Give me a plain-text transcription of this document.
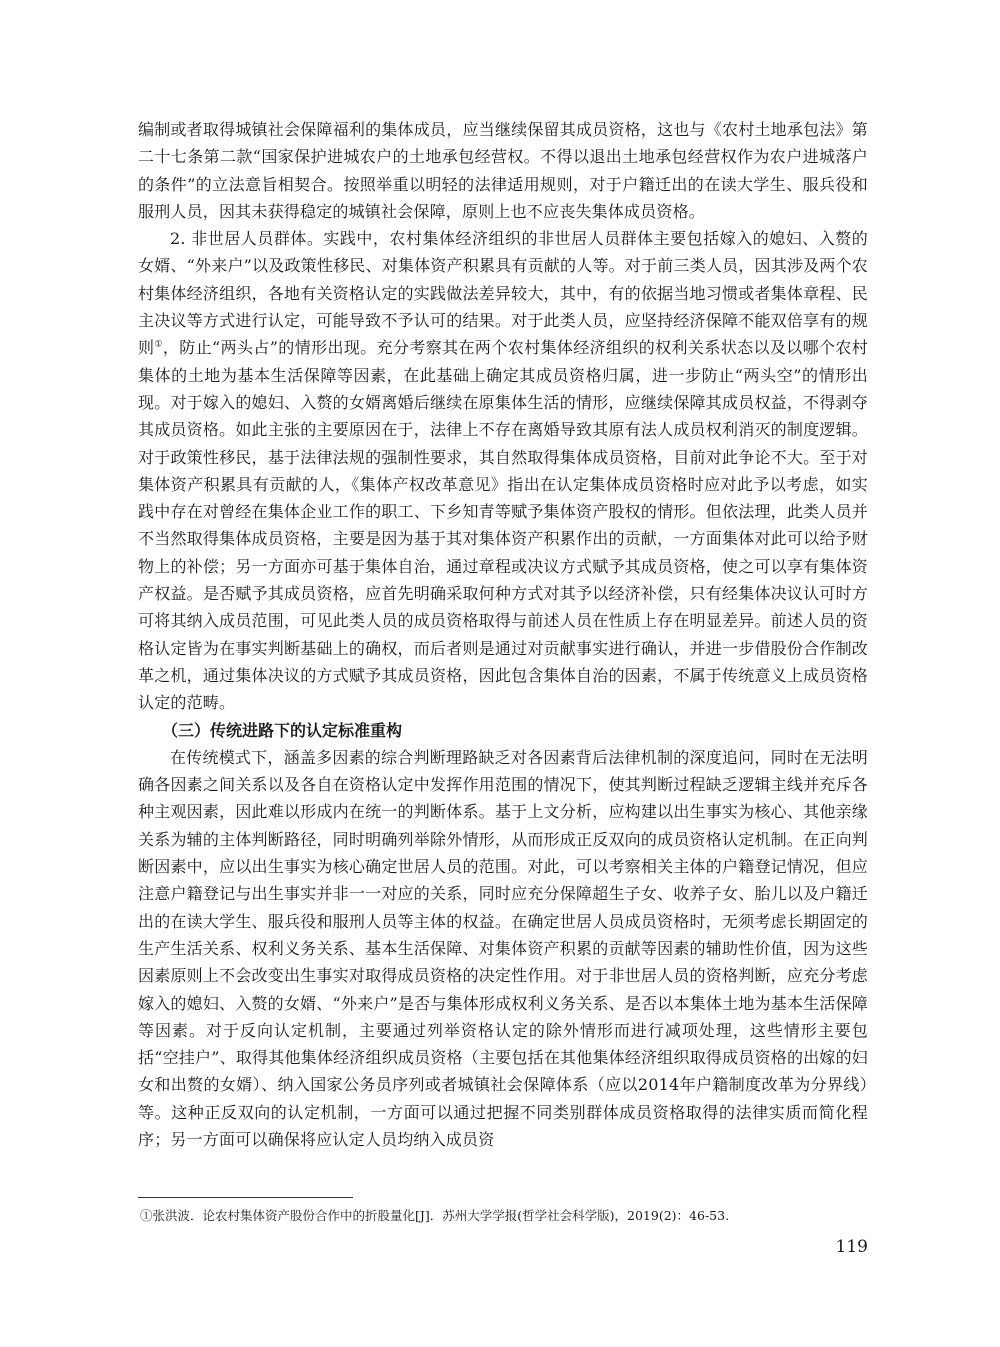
编制或者取得城镇社会保障福利的集体成员，应当继续保留其成员资格，这也与《农村土地承包法》第二十七条第二款“国家保护进城农户的土地承包经营权。不得以退出土地承包经营权作为农户进城落户的条件”的立法意旨相契合。按照举重以明轻的法律适用规则，对于户籍迁出的在读大学生、服兵役和服刑人员，因其未获得稳定的城镇社会保障，原则上也不应丧失集体成员资格。

2. 非世居人员群体。实践中，农村集体经济组织的非世居人员群体主要包括嫁入的媳妇、入赘的女婿、“外来户”以及政策性移民、对集体资产积累具有贡献的人等。对于前三类人员，因其涉及两个农村集体经济组织，各地有关资格认定的实践做法差异较大，其中，有的依据当地习惯或者集体章程、民主决议等方式进行认定，可能导致不予认可的结果。对于此类人员，应坚持经济保障不能双倍享有的规则①，防止“两头占”的情形出现。充分考察其在两个农村集体经济组织的权利关系状态以及以哪个农村集体的土地为基本生活保障等因素，在此基础上确定其成员资格归属，进一步防止“两头空”的情形出现。对于嫁入的媳妇、入赘的女婿离婚后继续在原集体生活的情形，应继续保障其成员权益，不得剥夺其成员资格。如此主张的主要原因在于，法律上不存在离婚导致其原有法人成员权利消灭的制度逻辑。对于政策性移民，基于法律法规的强制性要求，其自然取得集体成员资格，目前对此争论不大。至于对集体资产积累具有贡献的人，《集体产权改革意见》指出在认定集体成员资格时应对此予以考虑，如实践中存在对曾经在集体企业工作的职工、下乡知青等赋予集体资产股权的情形。但依法理，此类人员并不当然取得集体成员资格，主要是因为基于其对集体资产积累作出的贡献，一方面集体对此可以给予财物上的补偿；另一方面亦可基于集体自治，通过章程或决议方式赋予其成员资格，使之可以享有集体资产权益。是否赋予其成员资格，应首先明确采取何种方式对其予以经济补偿，只有经集体决议认可时方可将其纳入成员范围，可见此类人员的成员资格取得与前述人员在性质上存在明显差异。前述人员的资格认定皆为在事实判断基础上的确权，而后者则是通过对贡献事实进行确认，并进一步借股份合作制改革之机，通过集体决议的方式赋予其成员资格，因此包含集体自治的因素，不属于传统意义上成员资格认定的范畴。

（三）传统进路下的认定标准重构

在传统模式下，涵盖多因素的综合判断理路缺乏对各因素背后法律机制的深度追问，同时在无法明确各因素之间关系以及各自在资格认定中发挥作用范围的情况下，使其判断过程缺乏逻辑主线并充斥各种主观因素，因此难以形成内在统一的判断体系。基于上文分析，应构建以出生事实为核心、其他亲缘关系为辅的主体判断路径，同时明确列举除外情形，从而形成正反双向的成员资格认定机制。在正向判断因素中，应以出生事实为核心确定世居人员的范围。对此，可以考察相关主体的户籍登记情况，但应注意户籍登记与出生事实并非一一对应的关系，同时应充分保障超生子女、收养子女、胎儿以及户籍迁出的在读大学生、服兵役和服刑人员等主体的权益。在确定世居人员成员资格时，无须考虑长期固定的生产生活关系、权利义务关系、基本生活保障、对集体资产积累的贡献等因素的辅助性价值，因为这些因素原则上不会改变出生事实对取得成员资格的决定性作用。对于非世居人员的资格判断，应充分考虑嫁入的媳妇、入赘的女婿、“外来户”是否与集体形成权利义务关系、是否以本集体土地为基本生活保障等因素。对于反向认定机制，主要通过列举资格认定的除外情形而进行减项处理，这些情形主要包括“空挂户”、取得其他集体经济组织成员资格（主要包括在其他集体经济组织取得成员资格的出嫁的妇女和出赘的女婿）、纳入国家公务员序列或者城镇社会保障体系（应以2014年户籍制度改革为分界线）等。这种正反双向的认定机制，一方面可以通过把握不同类别群体成员资格取得的法律实质而简化程序；另一方面可以确保将应认定人员均纳入成员资

①张洪波．论农村集体资产股份合作中的折股量化[J]．苏州大学学报(哲学社会科学版)，2019(2)：46-53.

119
